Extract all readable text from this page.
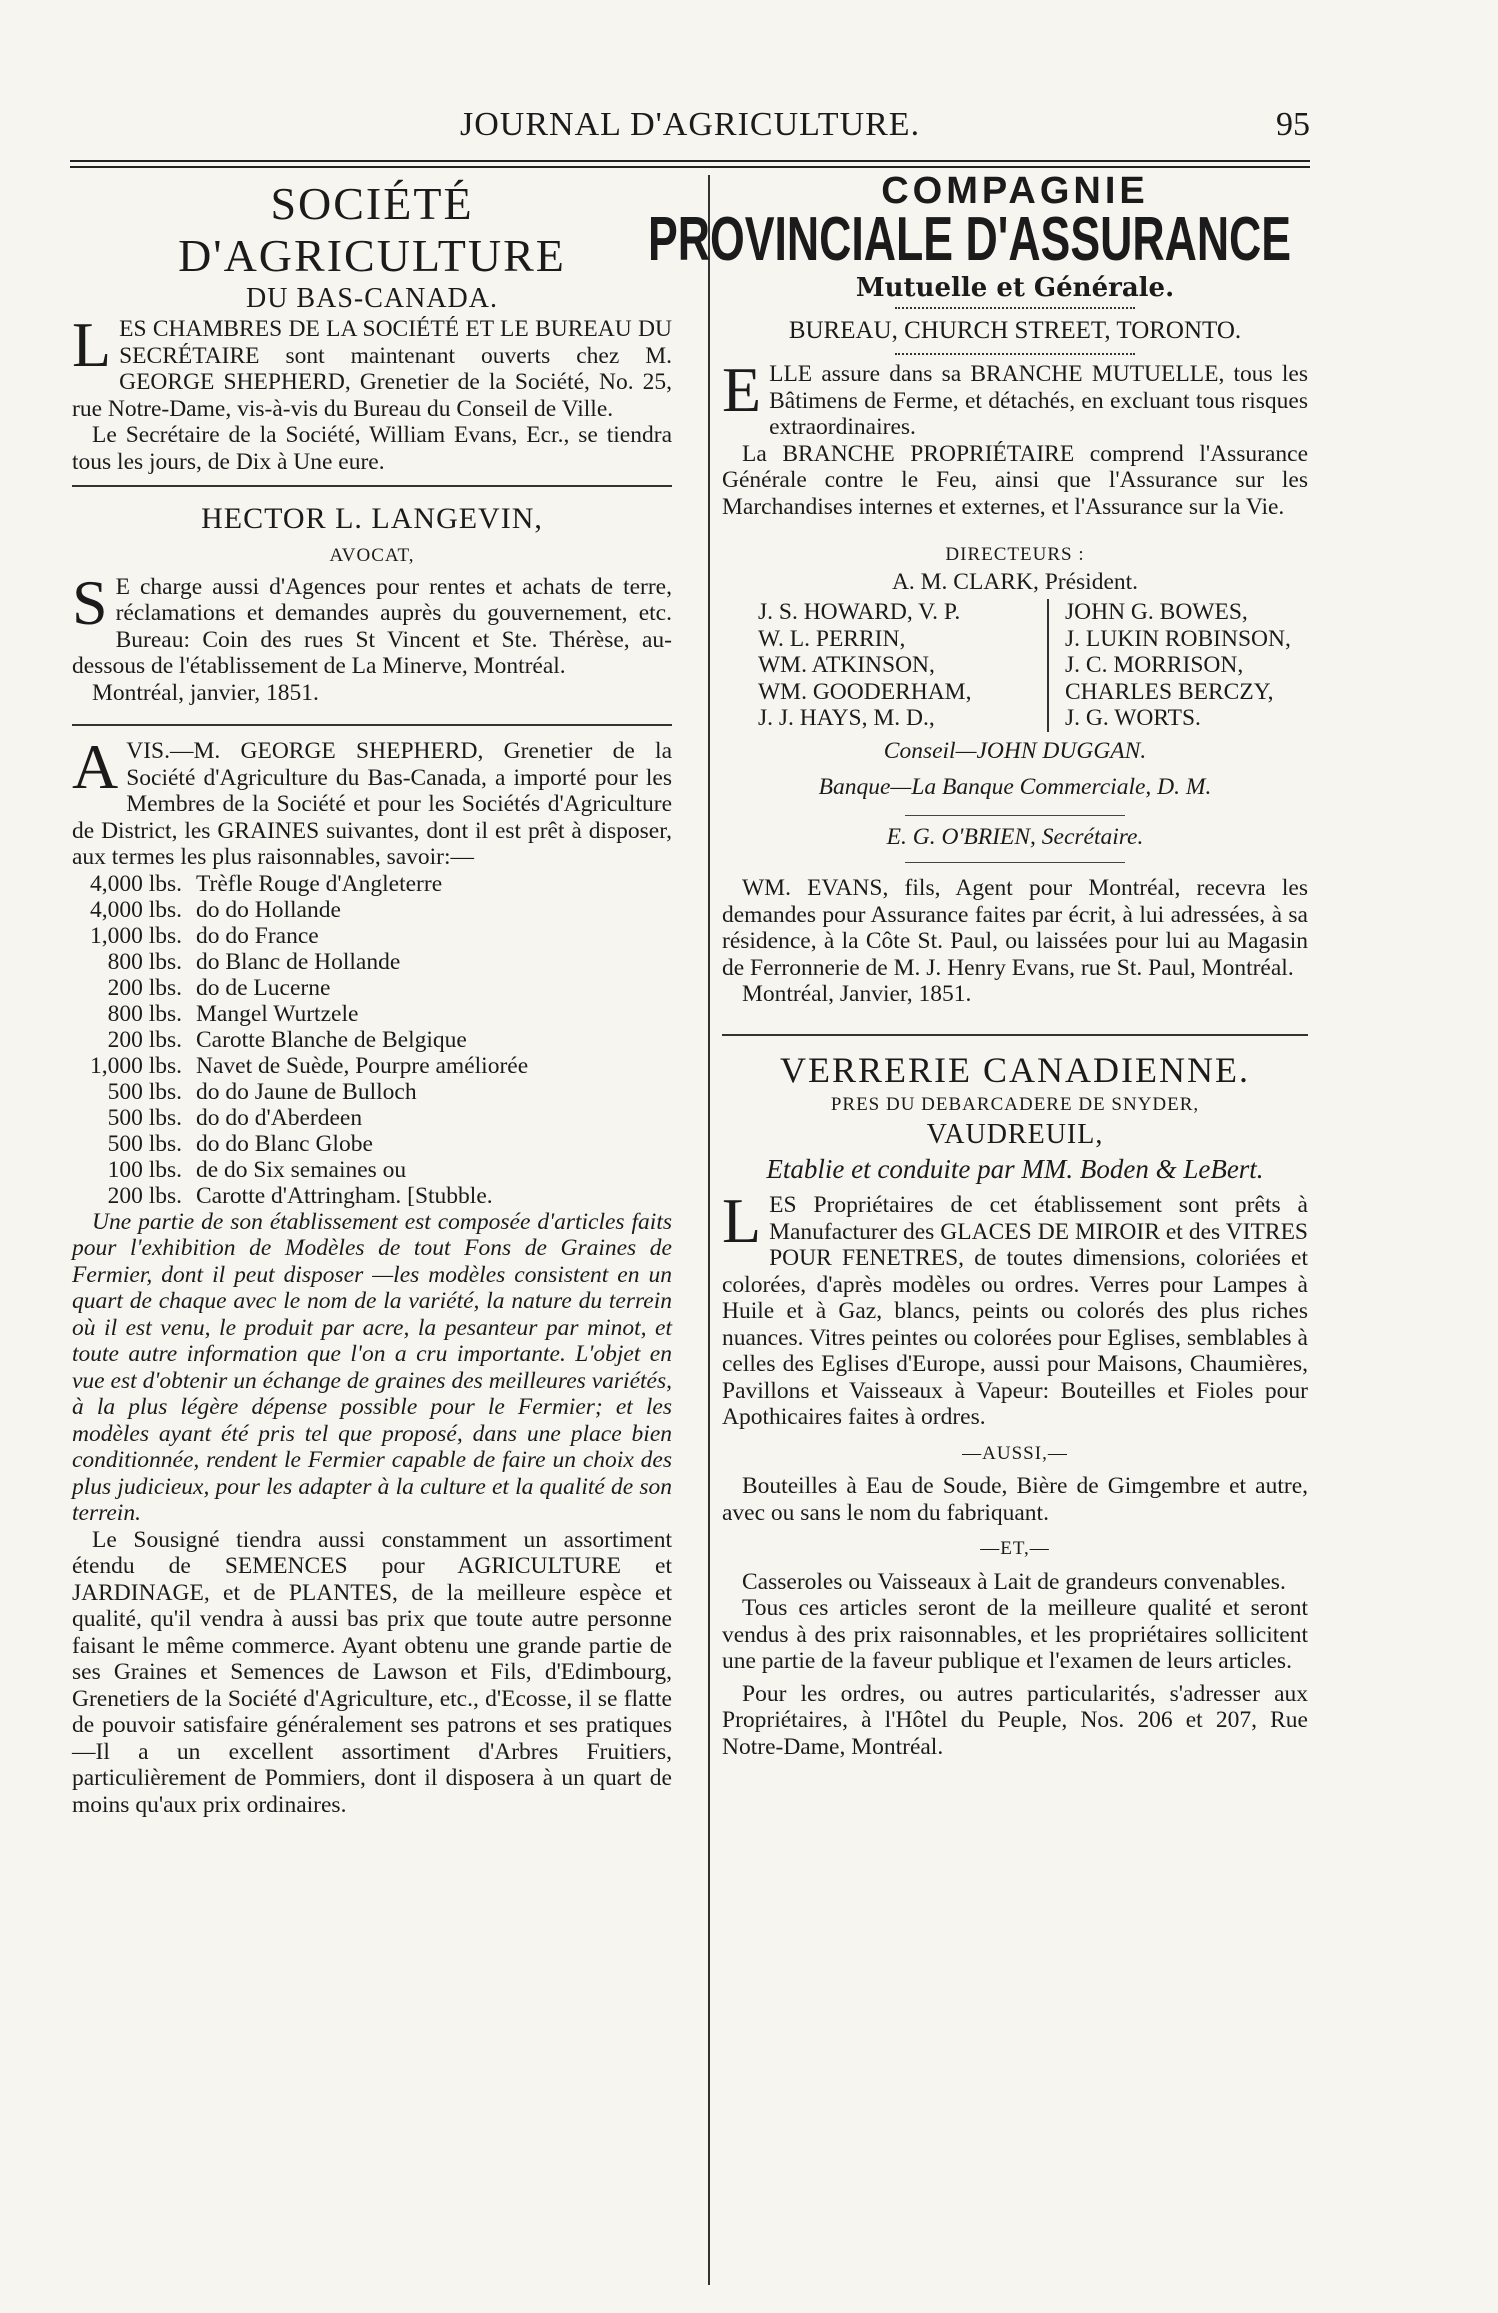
JOURNAL D'AGRICULTURE.	95
SOCIÉTÉ D'AGRICULTURE
DU BAS-CANADA.

LES CHAMBRES DE LA SOCIÉTÉ ET LE BUREAU DU SECRÉTAIRE sont maintenant ouverts chez M. GEORGE SHEPHERD, Grenetier de la Société, No. 25, rue Notre-Dame, vis-à-vis du Bureau du Conseil de Ville.

Le Secrétaire de la Société, William Evans, Ecr., se tiendra tous les jours, de Dix à Une eure.

HECTOR L. LANGEVIN,
AVOCAT,

S E charge aussi d'Agences pour rentes et achats de terre, réclamations et demandes auprès du gouvernement, etc. Bureau: Coin des rues St Vincent et Ste. Thérèse, au-dessous de l'établissement de La Minerve, Montréal.

Montréal, janvier, 1851.

AVIS.—M. GEORGE SHEPHERD, Grenetier de la Société d'Agriculture du Bas-Canada, a importé pour les Membres de la Société et pour les Sociétés d'Agriculture de District, les GRAINES suivantes, dont il est prêt à disposer, aux termes les plus raisonnables, savoir:—

4,000 lbs.	Trèfle Rouge d'Angleterre
4,000 lbs.	do do Hollande
1,000 lbs.	do do France
800 lbs.	do Blanc de Hollande
200 lbs.	do de Lucerne
800 lbs.	Mangel Wurtzele
200 lbs.	Carotte Blanche de Belgique
1,000 lbs.	Navet de Suède, Pourpre améliorée
500 lbs.	do do Jaune de Bulloch
500 lbs.	do do d'Aberdeen
500 lbs.	do do Blanc Globe
100 lbs.	de do Six semaines ou
200 lbs.	Carotte d'Attringham. [Stubble.

Une partie de son établissement est composée d'articles faits pour l'exhibition de Modèles de tout Fons de Graines de Fermier, dont il peut disposer —les modèles consistent en un quart de chaque avec le nom de la variété, la nature du terrein où il est venu, le produit par acre, la pesanteur par minot, et toute autre information que l'on a cru importante. L'objet en vue est d'obtenir un échange de graines des meilleures variétés, à la plus légère dépense possible pour le Fermier; et les modèles ayant été pris tel que proposé, dans une place bien conditionnée, rendent le Fermier capable de faire un choix des plus judicieux, pour les adapter à la culture et la qualité de son terrein.

Le Sousigné tiendra aussi constamment un assortiment étendu de SEMENCES pour AGRICULTURE et JARDINAGE, et de PLANTES, de la meilleure espèce et qualité, qu'il vendra à aussi bas prix que toute autre personne faisant le même commerce. Ayant obtenu une grande partie de ses Graines et Semences de Lawson et Fils, d'Edimbourg, Grenetiers de la Société d'Agriculture, etc., d'Ecosse, il se flatte de pouvoir satisfaire généralement ses patrons et ses pratiques —Il a un excellent assortiment d'Arbres Fruitiers, particulièrement de Pommiers, dont il disposera à un quart de moins qu'aux prix ordinaires.

COMPAGNIE
PROVINCIALE D'ASSURANCE
Mutuelle et Générale.
BUREAU, CHURCH STREET, TORONTO.

ELLE assure dans sa BRANCHE MUTUELLE, tous les Bâtimens de Ferme, et détachés, en excluant tous risques extraordinaires.

La BRANCHE PROPRIÉTAIRE comprend l'Assurance Générale contre le Feu, ainsi que l'Assurance sur les Marchandises internes et externes, et l'Assurance sur la Vie.

DIRECTEURS :
A. M. CLARK, Président.
J. S. HOWARD, V. P.		JOHN G. BOWES,
W. L. PERRIN,		J. LUKIN ROBINSON,
WM. ATKINSON,		J. C. MORRISON,
WM. GOODERHAM,		CHARLES BERCZY,
J. J. HAYS, M. D.,		J. G. WORTS.
Conseil—JOHN DUGGAN.
Banque—La Banque Commerciale, D. M.
E. G. O'BRIEN, Secrétaire.

WM. EVANS, fils, Agent pour Montréal, recevra les demandes pour Assurance faites par écrit, à lui adressées, à sa résidence, à la Côte St. Paul, ou laissées pour lui au Magasin de Ferronnerie de M. J. Henry Evans, rue St. Paul, Montréal.

Montréal, Janvier, 1851.

VERRERIE CANADIENNE.
PRES DU DEBARCADERE DE SNYDER,
VAUDREUIL,
Etablie et conduite par MM. Boden & LeBert.

LES Propriétaires de cet établissement sont prêts à Manufacturer des GLACES DE MIROIR et des VITRES POUR FENETRES, de toutes dimensions, coloriées et colorées, d'après modèles ou ordres. Verres pour Lampes à Huile et à Gaz, blancs, peints ou colorés des plus riches nuances. Vitres peintes ou colorées pour Eglises, semblables à celles des Eglises d'Europe, aussi pour Maisons, Chaumières, Pavillons et Vaisseaux à Vapeur: Bouteilles et Fioles pour Apothicaires faites à ordres.

—AUSSI,—

Bouteilles à Eau de Soude, Bière de Gimgembre et autre, avec ou sans le nom du fabriquant.

—ET,—

Casseroles ou Vaisseaux à Lait de grandeurs convenables.

Tous ces articles seront de la meilleure qualité et seront vendus à des prix raisonnables, et les propriétaires sollicitent une partie de la faveur publique et l'examen de leurs articles.

Pour les ordres, ou autres particularités, s'adresser aux Propriétaires, à l'Hôtel du Peuple, Nos. 206 et 207, Rue Notre-Dame, Montréal.
